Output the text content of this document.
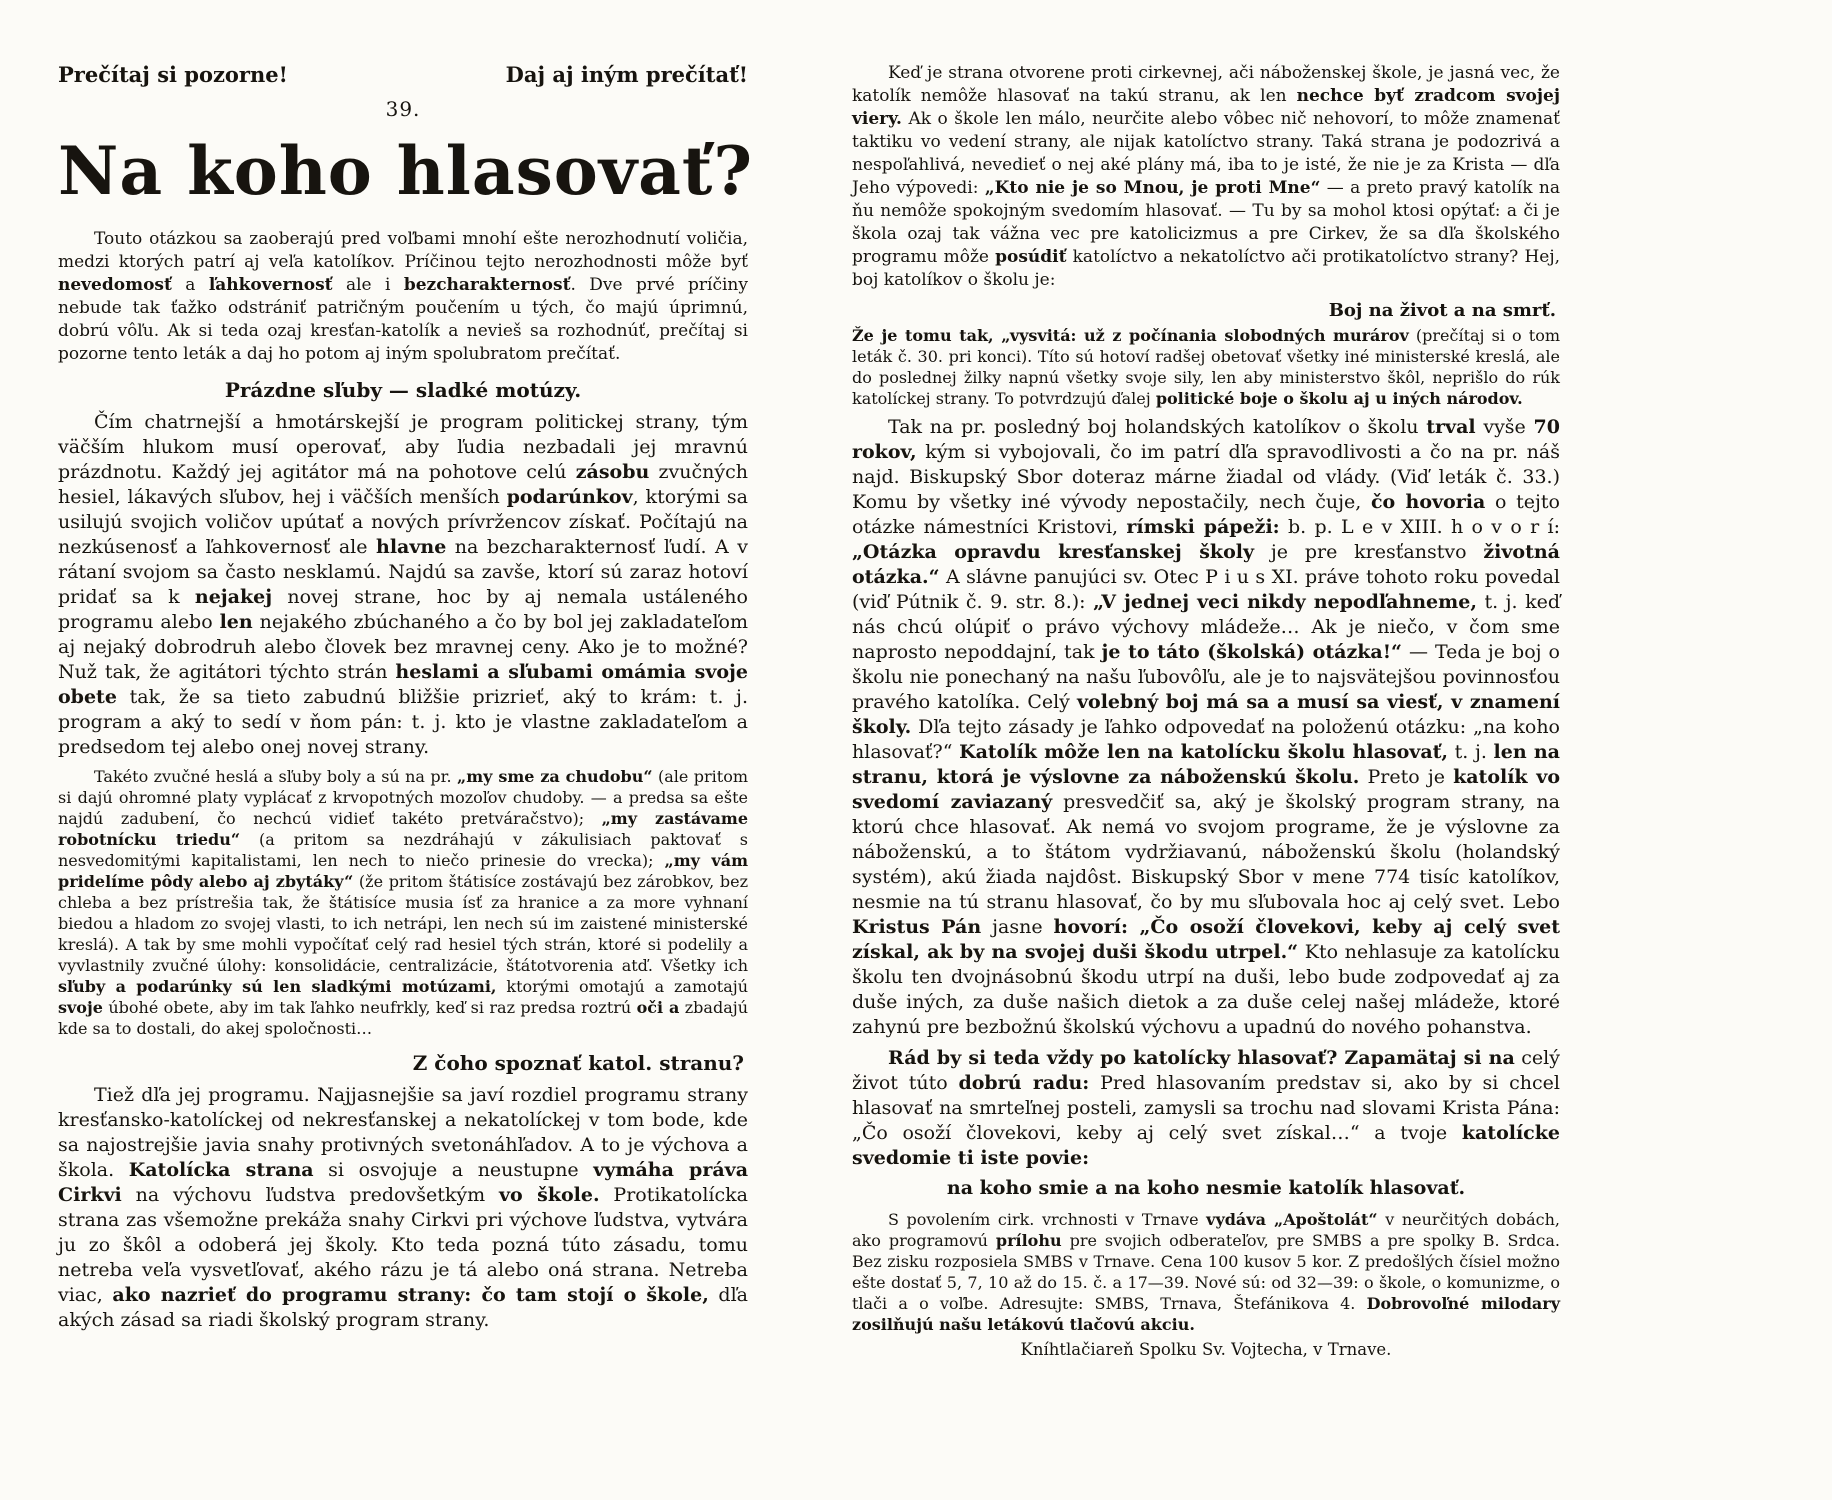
Prečítaj si pozorne!	Daj aj iným prečítať!
39.
Na koho hlasovať?

Touto otázkou sa zaoberajú pred voľbami mnohí ešte nerozhodnutí voličia, medzi ktorých patrí aj veľa katolíkov. Príčinou tejto nerozhodnosti môže byť nevedomosť a ľahkovernosť ale i bezcharakternosť. Dve prvé príčiny nebude tak ťažko odstrániť patričným poučením u tých, čo majú úprimnú, dobrú vôľu. Ak si teda ozaj kresťan-katolík a nevieš sa rozhodnúť, prečítaj si pozorne tento leták a daj ho potom aj iným spolubratom prečítať.

Prázdne sľuby — sladké motúzy.

Čím chatrnejší a hmotárskejší je program politickej strany, tým väčším hlukom musí operovať, aby ľudia nezbadali jej mravnú prázdnotu. Každý jej agitátor má na pohotove celú zásobu zvučných hesiel, lákavých sľubov, hej i väčších menších podarúnkov, ktorými sa usilujú svojich voličov upútať a nových prívržencov získať. Počítajú na nezkúsenosť a ľahkovernosť ale hlavne na bezcharakternosť ľudí. A v rátaní svojom sa často nesklamú. Najdú sa zavše, ktorí sú zaraz hotoví pridať sa k nejakej novej strane, hoc by aj nemala ustáleného programu alebo len nejakého zbúchaného a čo by bol jej zakladateľom aj nejaký dobrodruh alebo človek bez mravnej ceny. Ako je to možné? Nuž tak, že agitátori týchto strán heslami a sľubami omámia svoje obete tak, že sa tieto zabudnú bližšie prizrieť, aký to krám: t. j. program a aký to sedí v ňom pán: t. j. kto je vlastne zakladateľom a predsedom tej alebo onej novej strany.

Takéto zvučné heslá a sľuby boly a sú na pr. „my sme za chudobu“ (ale pritom si dajú ohromné platy vyplácať z krvopotných mozoľov chudoby. — a predsa sa ešte najdú zadubení, čo nechcú vidieť takéto pretváračstvo); „my zastávame robotnícku triedu“ (a pritom sa nezdráhajú v zákulisiach paktovať s nesvedomitými kapitalistami, len nech to niečo prinesie do vrecka); „my vám pridelíme pôdy alebo aj zbytáky“ (že pritom štátisíce zostávajú bez zárobkov, bez chleba a bez prístrešia tak, že štátisíce musia ísť za hranice a za more vyhnaní biedou a hladom zo svojej vlasti, to ich netrápi, len nech sú im zaistené ministerské kreslá). A tak by sme mohli vypočítať celý rad hesiel tých strán, ktoré si podelily a vyvlastnily zvučné úlohy: konsolidácie, centralizácie, štátotvorenia atď. Všetky ich sľuby a podarúnky sú len sladkými motúzami, ktorými omotajú a zamotajú svoje úbohé obete, aby im tak ľahko neufrkly, keď si raz predsa roztrú oči a zbadajú kde sa to dostali, do akej spoločnosti…

Z čoho spoznať katol. stranu?

Tiež dľa jej programu. Najjasnejšie sa javí rozdiel programu strany kresťansko-katolíckej od nekresťanskej a nekatolíckej v tom bode, kde sa najostrejšie javia snahy protivných svetonáhľadov. A to je výchova a škola. Katolícka strana si osvojuje a neustupne vymáha práva Cirkvi na výchovu ľudstva predovšetkým vo škole. Protikatolícka strana zas všemožne prekáža snahy Cirkvi pri výchove ľudstva, vytvára ju zo škôl a odoberá jej školy. Kto teda pozná túto zásadu, tomu netreba veľa vysvetľovať, akého rázu je tá alebo oná strana. Netreba viac, ako nazrieť do programu strany: čo tam stojí o škole, dľa akých zásad sa riadi školský program strany.

Keď je strana otvorene proti cirkevnej, ači náboženskej škole, je jasná vec, že katolík nemôže hlasovať na takú stranu, ak len nechce byť zradcom svojej viery. Ak o škole len málo, neurčite alebo vôbec nič nehovorí, to môže znamenať taktiku vo vedení strany, ale nijak katolíctvo strany. Taká strana je podozrivá a nespoľahlivá, nevedieť o nej aké plány má, iba to je isté, že nie je za Krista — dľa Jeho výpovedi: „Kto nie je so Mnou, je proti Mne“ — a preto pravý katolík na ňu nemôže spokojným svedomím hlasovať. — Tu by sa mohol ktosi opýtať: a či je škola ozaj tak vážna vec pre katolicizmus a pre Cirkev, že sa dľa školského programu môže posúdiť katolíctvo a nekatolíctvo ači protikatolíctvo strany? Hej, boj katolíkov o školu je:

Boj na život a na smrť.

Že je tomu tak, „vysvitá: už z počínania slobodných murárov (prečítaj si o tom leták č. 30. pri konci). Títo sú hotoví radšej obetovať všetky iné ministerské kreslá, ale do poslednej žilky napnú všetky svoje sily, len aby ministerstvo škôl, neprišlo do rúk katolíckej strany. To potvrdzujú ďalej politické boje o školu aj u iných národov.

Tak na pr. posledný boj holandských katolíkov o školu trval vyše 70 rokov, kým si vybojovali, čo im patrí dľa spravodlivosti a čo na pr. náš najd. Biskupský Sbor doteraz márne žiadal od vlády. (Viď leták č. 33.) Komu by všetky iné vývody nepostačily, nech čuje, čo hovoria o tejto otázke námestníci Kristovi, rímski pápeži: b. p. L e v XIII. h o v o r í: „Otázka opravdu kresťanskej školy je pre kresťanstvo životná otázka.“ A slávne panujúci sv. Otec P i u s XI. práve tohoto roku povedal (viď Pútnik č. 9. str. 8.): „V jednej veci nikdy nepodľahneme, t. j. keď nás chcú olúpiť o právo výchovy mládeže… Ak je niečo, v čom sme naprosto nepoddajní, tak je to táto (školská) otázka!“ — Teda je boj o školu nie ponechaný na našu ľubovôľu, ale je to najsvätejšou povinnosťou pravého katolíka. Celý volebný boj má sa a musí sa viesť, v znamení školy. Dľa tejto zásady je ľahko odpovedať na položenú otázku: „na koho hlasovať?“ Katolík môže len na katolícku školu hlasovať, t. j. len na stranu, ktorá je výslovne za náboženskú školu. Preto je katolík vo svedomí zaviazaný presvedčiť sa, aký je školský program strany, na ktorú chce hlasovať. Ak nemá vo svojom programe, že je výslovne za náboženskú, a to štátom vydržiavanú, náboženskú školu (holandský systém), akú žiada najdôst. Biskupský Sbor v mene 774 tisíc katolíkov, nesmie na tú stranu hlasovať, čo by mu sľubovala hoc aj celý svet. Lebo Kristus Pán jasne hovorí: „Čo osoží človekovi, keby aj celý svet získal, ak by na svojej duši škodu utrpel.“ Kto nehlasuje za katolícku školu ten dvojnásobnú škodu utrpí na duši, lebo bude zodpovedať aj za duše iných, za duše našich dietok a za duše celej našej mládeže, ktoré zahynú pre bezbožnú školskú výchovu a upadnú do nového pohanstva.

Rád by si teda vždy po katolícky hlasovať? Zapamätaj si na celý život túto dobrú radu: Pred hlasovaním predstav si, ako by si chcel hlasovať na smrteľnej posteli, zamysli sa trochu nad slovami Krista Pána: „Čo osoží človekovi, keby aj celý svet získal…“ a tvoje katolícke svedomie ti iste povie:

na koho smie a na koho nesmie katolík hlasovať.

S povolením cirk. vrchnosti v Trnave vydáva „Apoštolát“ v neurčitých dobách, ako programovú prílohu pre svojich odberateľov, pre SMBS a pre spolky B. Srdca. Bez zisku rozposiela SMBS v Trnave. Cena 100 kusov 5 kor. Z predošlých čísiel možno ešte dostať 5, 7, 10 až do 15. č. a 17—39. Nové sú: od 32—39: o škole, o komunizme, o tlači a o voľbe. Adresujte: SMBS, Trnava, Štefánikova 4. Dobrovoľné milodary zosilňujú našu letákovú tlačovú akciu.

Kníhtlačiareň Spolku Sv. Vojtecha, v Trnave.
